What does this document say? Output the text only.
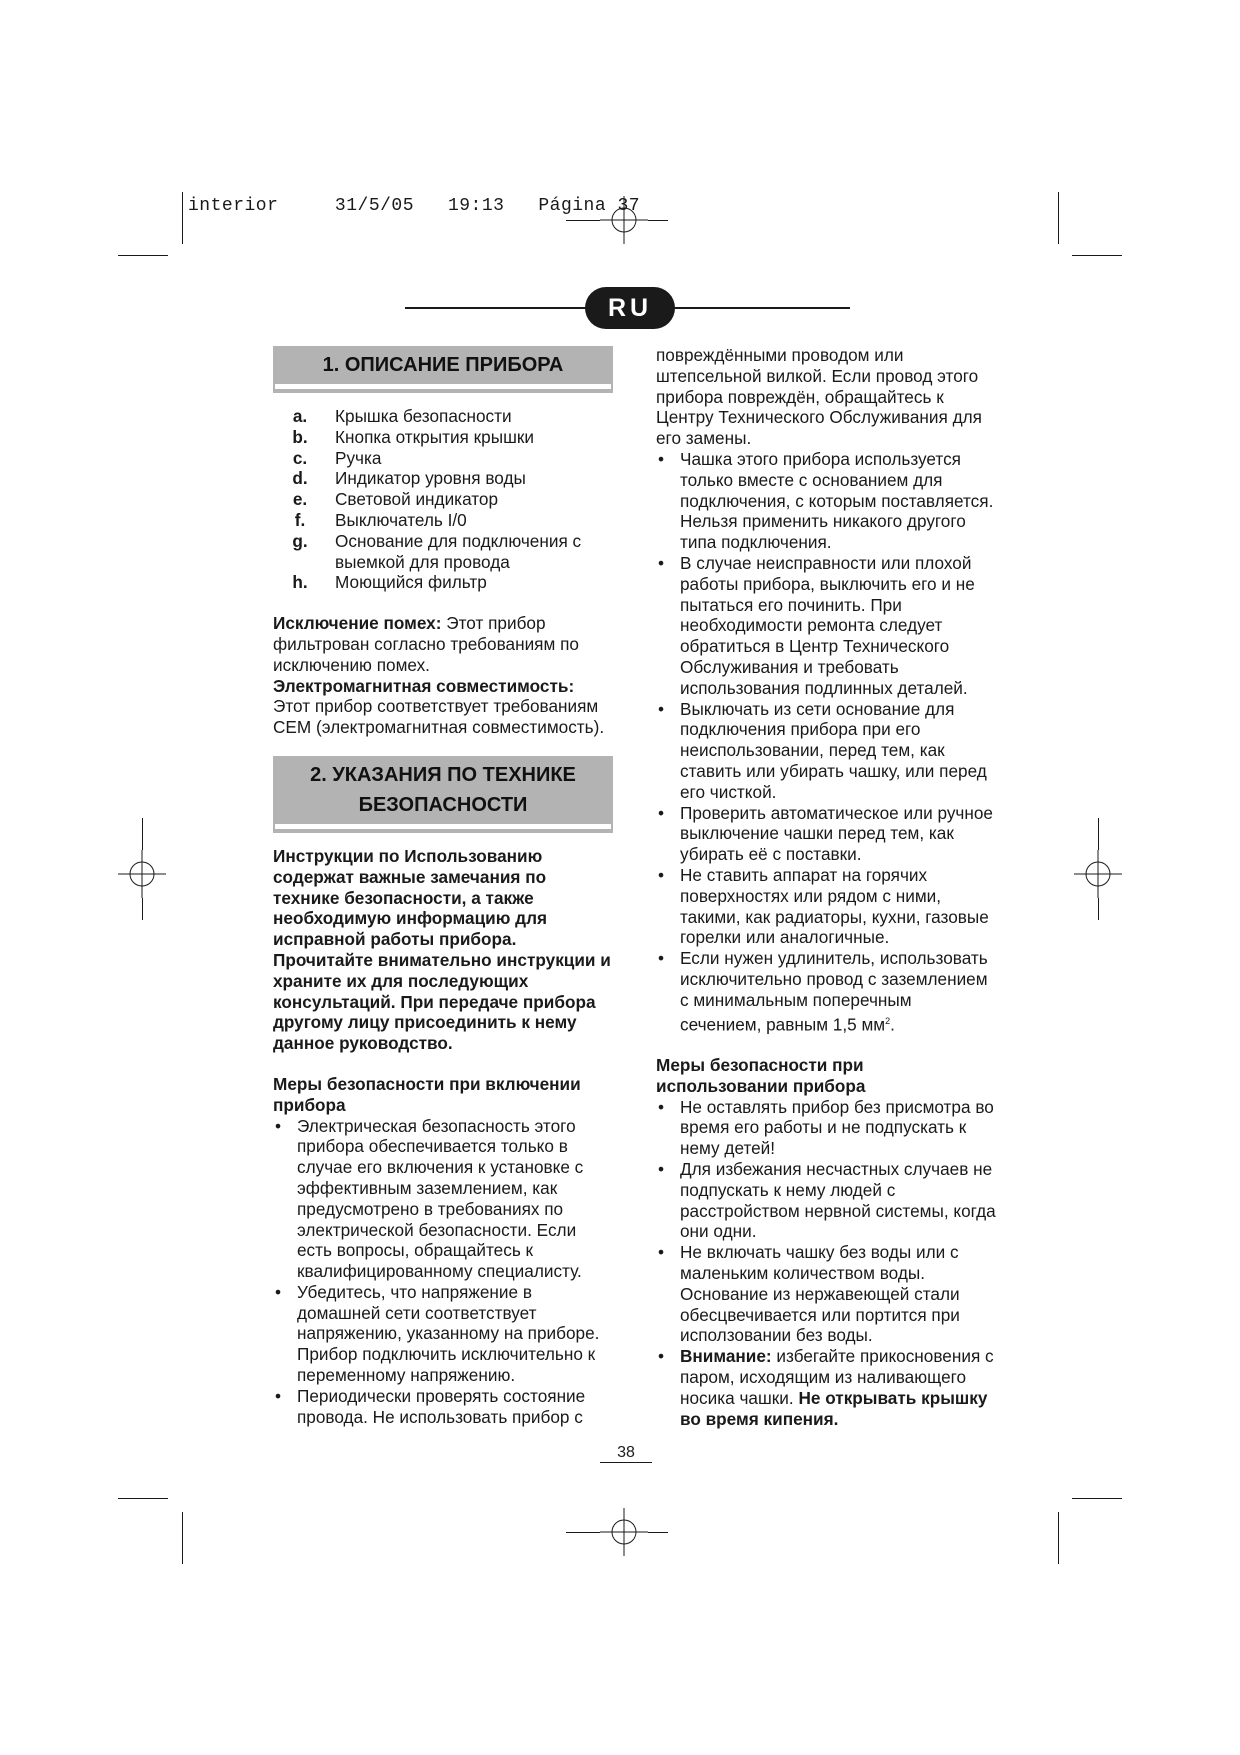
interior     31/5/05   19:13   Página 37
RU
1. ОПИСАНИЕ ПРИБОРА
a.	Крышка безопасности
b.	Кнопка открытия крышки
c.	Ручка
d.	Индикатор уровня воды
e.	Световой индикатор
f.	Выключатель I/0
g.	Основание для подключения с выемкой для провода
h.	Моющийся фильтр

Исключение помех: Этот прибор фильтрован согласно требованиям по исключению помех.

Электромагнитная совместимость:

Этот прибор соответствует требованиям CEM (электромагнитная совместимость).

2. УКАЗАНИЯ ПО ТЕХНИКЕ
БЕЗОПАСНОСТИ

Инструкции по Использованию содержат важные замечания по технике безопасности, а также необходимую информацию для исправной работы прибора. Прочитайте внимательно инструкции и храните их для последующих консультаций. При передаче прибора другому лицу присоединить к нему данное руководство.

Меры безопасности при включении прибора

• Электрическая безопасность этого прибора обеспечивается только в случае его включения к установке с эффективным заземлением, как предусмотрено в требованиях по электрической безопасности. Если есть вопросы, обращайтесь к квалифицированному специалисту.
• Убедитесь, что напряжение в домашней сети соответствует напряжению, указанному на приборе. Прибор подключить исключительно к переменному напряжению.
• Периодически проверять состояние провода. Не использовать прибор с

повреждёнными проводом или штепсельной вилкой. Если провод этого прибора повреждён, обращайтесь к Центру Технического Обслуживания для его замены.

• Чашка этого прибора используется только вместе с основанием для подключения, с которым поставляется. Нельзя применить никакого другого типа подключения.
• В случае неисправности или плохой работы прибора, выключить его и не пытаться его починить. При необходимости ремонта следует обратиться в Центр Технического Обслуживания и требовать использования подлинных деталей.
• Выключать из сети основание для подключения прибора при его неиспользовании, перед тем, как ставить или убирать чашку, или перед его чисткой.
• Проверить автоматическое или ручное выключение чашки перед тем, как убирать её с поставки.
• Не ставить аппарат на горячих поверхностях или рядом с ними, такими, как радиаторы, кухни, газовые горелки или аналогичные.
• Если нужен удлинитель, использовать исключительно провод с заземлением с минимальным поперечным сечением, равным 1,5 $мм^2$.

Меры безопасности при использовании прибора

• Не оставлять прибор без присмотра во время его работы и не подпускать к нему детей!
• Для избежания несчастных случаев не подпускать к нему людей с расстройством нервной системы, когда они одни.
• Не включать чашку без воды или с маленьким количеством воды. Основание из нержавеющей стали обесцвечивается или портится при исползовании без воды.
• Внимание: избегайте прикосновения с паром, исходящим из наливающего носика чашки. Не открывать крышку во время кипения.
38
